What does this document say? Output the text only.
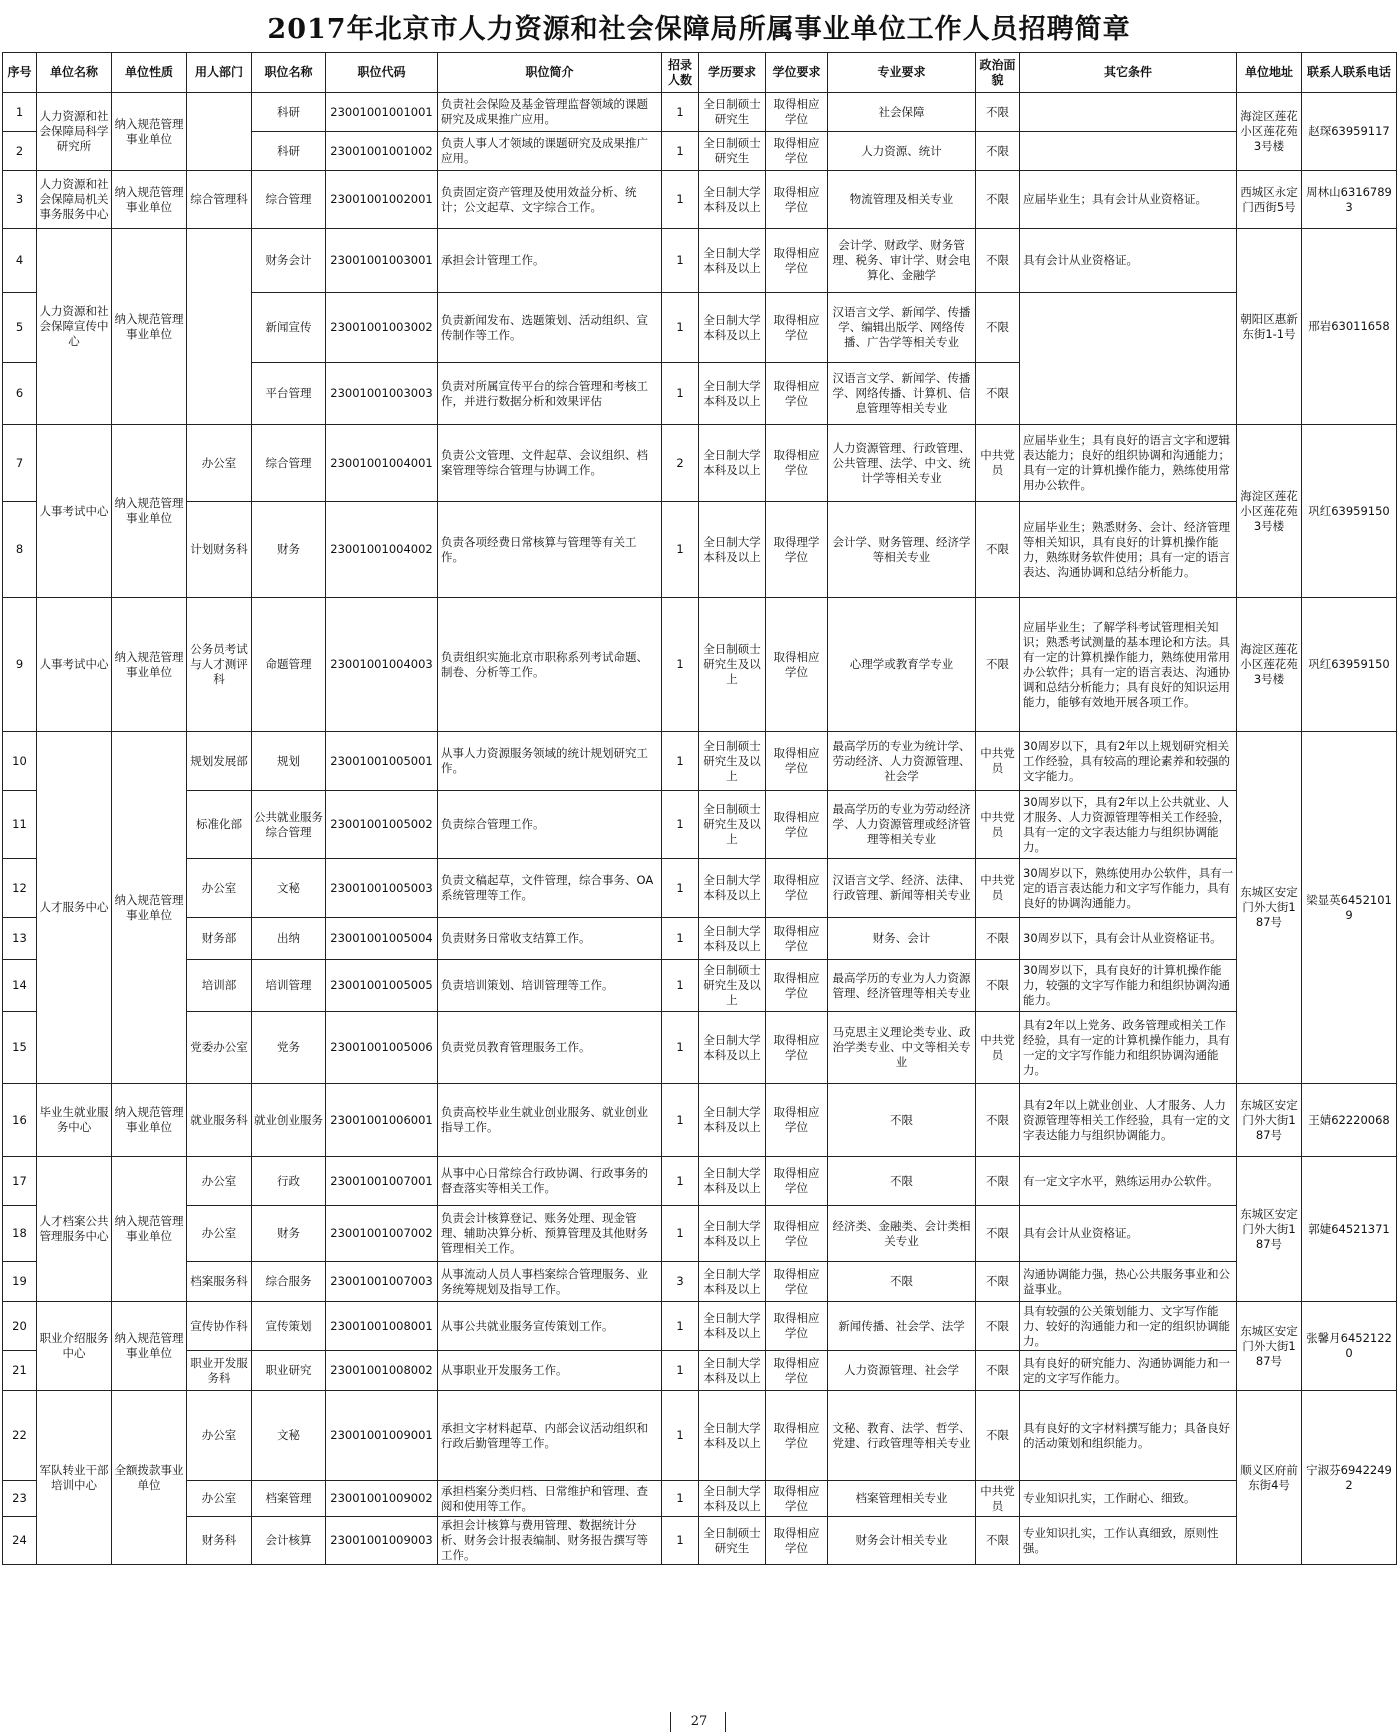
2017年北京市人力资源和社会保障局所属事业单位工作人员招聘简章
序号	单位名称	单位性质	用人部门	职位名称	职位代码	职位简介	招录人数	学历要求	学位要求	专业要求	政治面貌	其它条件	单位地址	联系人联系电话
1	人力资源和社会保障局科学研究所	纳入规范管理事业单位		科研	23001001001001	负责社会保险及基金管理监督领域的课题研究及成果推广应用。	1	全日制硕士研究生	取得相应学位	社会保障	不限		海淀区莲花小区莲花苑3号楼	赵琛63959117
2				科研	23001001001002	负责人事人才领域的课题研究及成果推广应用。	1	全日制硕士研究生	取得相应学位	人力资源、统计	不限			
3	人力资源和社会保障局机关事务服务中心	纳入规范管理事业单位	综合管理科	综合管理	23001001002001	负责固定资产管理及使用效益分析、统计；公文起草、文字综合工作。	1	全日制大学本科及以上	取得相应学位	物流管理及相关专业	不限	应届毕业生；具有会计从业资格证。	西城区永定门西街5号	周林山63167893
4	人力资源和社会保障宣传中心	纳入规范管理事业单位		财务会计	23001001003001	承担会计管理工作。	1	全日制大学本科及以上	取得相应学位	会计学、财政学、财务管理、税务、审计学、财会电算化、金融学	不限	具有会计从业资格证。	朝阳区惠新东街1-1号	邢岩63011658
5				新闻宣传	23001001003002	负责新闻发布、选题策划、活动组织、宣传制作等工作。	1	全日制大学本科及以上	取得相应学位	汉语言文学、新闻学、传播学、编辑出版学、网络传播、广告学等相关专业	不限			
6				平台管理	23001001003003	负责对所属宣传平台的综合管理和考核工作，并进行数据分析和效果评估	1	全日制大学本科及以上	取得相应学位	汉语言文学、新闻学、传播学、网络传播、计算机、信息管理等相关专业	不限			
7	人事考试中心	纳入规范管理事业单位	办公室	综合管理	23001001004001	负责公文管理、文件起草、会议组织、档案管理等综合管理与协调工作。	2	全日制大学本科及以上	取得相应学位	人力资源管理、行政管理、公共管理、法学、中文、统计学等相关专业	中共党员	应届毕业生；具有良好的语言文字和逻辑表达能力；良好的组织协调和沟通能力；具有一定的计算机操作能力，熟练使用常用办公软件。	海淀区莲花小区莲花苑3号楼	巩红63959150
8			计划财务科	财务	23001001004002	负责各项经费日常核算与管理等有关工作。	1	全日制大学本科及以上	取得理学学位	会计学、财务管理、经济学等相关专业	不限	应届毕业生；熟悉财务、会计、经济管理等相关知识，具有良好的计算机操作能力，熟练财务软件使用；具有一定的语言表达、沟通协调和总结分析能力。		
9	人事考试中心	纳入规范管理事业单位	公务员考试与人才测评科	命题管理	23001001004003	负责组织实施北京市职称系列考试命题、制卷、分析等工作。	1	全日制硕士研究生及以上	取得相应学位	心理学或教育学专业	不限	应届毕业生；了解学科考试管理相关知识；熟悉考试测量的基本理论和方法。具有一定的计算机操作能力，熟练使用常用办公软件；具有一定的语言表达、沟通协调和总结分析能力；具有良好的知识运用能力，能够有效地开展各项工作。	海淀区莲花小区莲花苑3号楼	巩红63959150
10	人才服务中心	纳入规范管理事业单位	规划发展部	规划	23001001005001	从事人力资源服务领域的统计规划研究工作。	1	全日制硕士研究生及以上	取得相应学位	最高学历的专业为统计学、劳动经济、人力资源管理、社会学	中共党员	30周岁以下，具有2年以上规划研究相关工作经验，具有较高的理论素养和较强的文字能力。	东城区安定门外大街187号	梁显英64521019
11			标准化部	公共就业服务综合管理	23001001005002	负责综合管理工作。	1	全日制硕士研究生及以上	取得相应学位	最高学历的专业为劳动经济学、人力资源管理或经济管理等相关专业	中共党员	30周岁以下，具有2年以上公共就业、人才服务、人力资源管理等相关工作经验，具有一定的文字表达能力与组织协调能力。		
12			办公室	文秘	23001001005003	负责文稿起草，文件管理，综合事务、OA系统管理等工作。	1	全日制大学本科及以上	取得相应学位	汉语言文学、经济、法律、行政管理、新闻等相关专业	中共党员	30周岁以下，熟练使用办公软件，具有一定的语言表达能力和文字写作能力，具有良好的协调沟通能力。		
13			财务部	出纳	23001001005004	负责财务日常收支结算工作。	1	全日制大学本科及以上	取得相应学位	财务、会计	不限	30周岁以下，具有会计从业资格证书。		
14			培训部	培训管理	23001001005005	负责培训策划、培训管理等工作。	1	全日制硕士研究生及以上	取得相应学位	最高学历的专业为人力资源管理、经济管理等相关专业	不限	30周岁以下，具有良好的计算机操作能力，较强的文字写作能力和组织协调沟通能力。		
15			党委办公室	党务	23001001005006	负责党员教育管理服务工作。	1	全日制大学本科及以上	取得相应学位	马克思主义理论类专业、政治学类专业、中文等相关专业	中共党员	具有2年以上党务、政务管理或相关工作经验，具有一定的计算机操作能力，具有一定的文字写作能力和组织协调沟通能力。		
16	毕业生就业服务中心	纳入规范管理事业单位	就业服务科	就业创业服务	23001001006001	负责高校毕业生就业创业服务、就业创业指导工作。	1	全日制大学本科及以上	取得相应学位	不限	不限	具有2年以上就业创业、人才服务、人力资源管理等相关工作经验，具有一定的文字表达能力与组织协调能力。	东城区安定门外大街187号	王婧62220068
17	人才档案公共管理服务中心	纳入规范管理事业单位	办公室	行政	23001001007001	从事中心日常综合行政协调、行政事务的督查落实等相关工作。	1	全日制大学本科及以上	取得相应学位	不限	不限	有一定文字水平，熟练运用办公软件。	东城区安定门外大街187号	郭婕64521371
18			办公室	财务	23001001007002	负责会计核算登记、账务处理、现金管理、辅助决算分析、预算管理及其他财务管理相关工作。	1	全日制大学本科及以上	取得相应学位	经济类、金融类、会计类相关专业	不限	具有会计从业资格证。		
19			档案服务科	综合服务	23001001007003	从事流动人员人事档案综合管理服务、业务统筹规划及指导工作。	3	全日制大学本科及以上	取得相应学位	不限	不限	沟通协调能力强，热心公共服务事业和公益事业。		
20	职业介绍服务中心	纳入规范管理事业单位	宣传协作科	宣传策划	23001001008001	从事公共就业服务宣传策划工作。	1	全日制大学本科及以上	取得相应学位	新闻传播、社会学、法学	不限	具有较强的公关策划能力、文字写作能力、较好的沟通能力和一定的组织协调能力。	东城区安定门外大街187号	张馨月64521220
21			职业开发服务科	职业研究	23001001008002	从事职业开发服务工作。	1	全日制大学本科及以上	取得相应学位	人力资源管理、社会学	不限	具有良好的研究能力、沟通协调能力和一定的文字写作能力。		
22	军队转业干部培训中心	全额拨款事业单位	办公室	文秘	23001001009001	承担文字材料起草、内部会议活动组织和行政后勤管理等工作。	1	全日制大学本科及以上	取得相应学位	文秘、教育、法学、哲学、党建、行政管理等相关专业	不限	具有良好的文字材料撰写能力；具备良好的活动策划和组织能力。	顺义区府前东街4号	宁淑芬69422492
23			办公室	档案管理	23001001009002	承担档案分类归档、日常维护和管理、查阅和使用等工作。	1	全日制大学本科及以上	取得相应学位	档案管理相关专业	中共党员	专业知识扎实，工作耐心、细致。		
24			财务科	会计核算	23001001009003	承担会计核算与费用管理、数据统计分析、财务会计报表编制、财务报告撰写等工作。	1	全日制硕士研究生	取得相应学位	财务会计相关专业	不限	专业知识扎实，工作认真细致，原则性强。		
27
